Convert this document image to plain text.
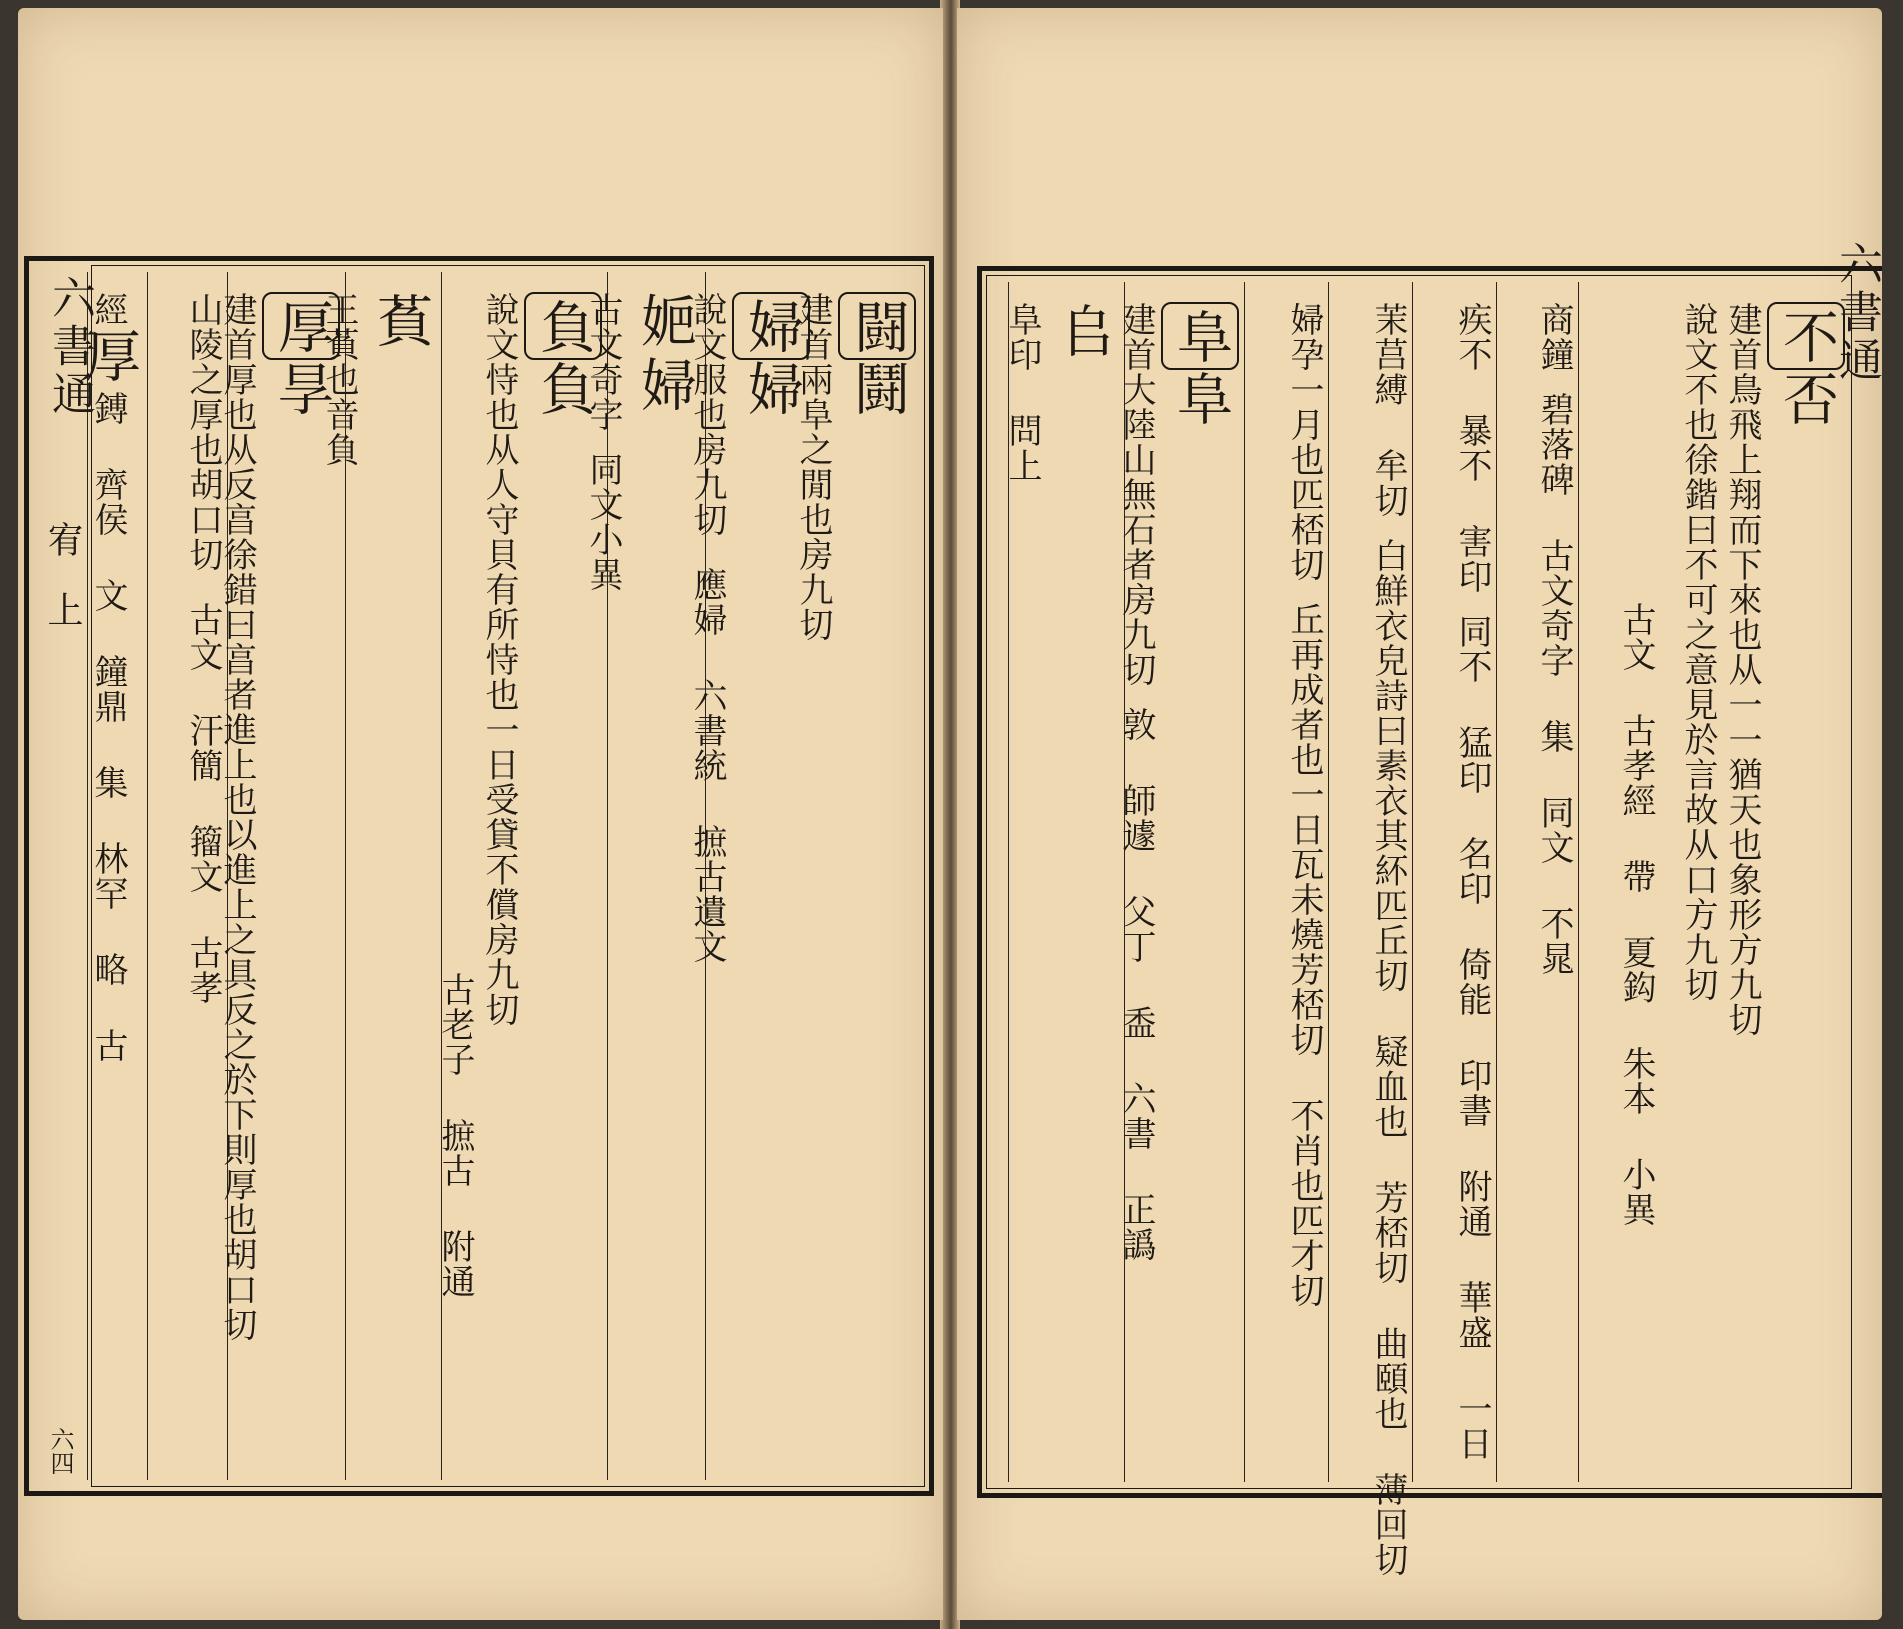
闘
鬪
建首兩阜之閒也房九切
婦
婦
說文服也房九切
應婦 六書統 摭古遺文
㛂
婦
古文奇字
同文小異
負
負
說文恃也从人守貝有所恃也一日受貸不償房九切
古老子 摭古 附通
萯
王萯也音負
厚
㫗
建首厚也从反亯徐錯曰亯者進上也以進上之具反之於下則厚也胡口切
山陵之厚也胡口切
古文 汗簡 籀文 古孝
經
厚
鎛 齊侯 文 鐘鼎 集 林罕 略 古
六書通
宥
上
六四
不
否
建首鳥飛上翔而下來也从一一猶天也象形方九切
說文不也徐鍇曰不可之意見於言故从口方九切
古文 古孝經 帶 夏鈎 朱本 小異
商鐘
碧落碑 古文奇字 集 同文 不晁
疾不 暴不 害印
同不 猛印 名印 倚能 印書 附通 華盛 一日
茉莒縛 牟切
白鮮衣皃詩曰素衣其紑匹丘切 疑血也 芳桮切 曲頤也 薄回切
婦孕一月也匹桮切
丘再成者也一日瓦未燒芳桮切 不肖也匹才切
阜
阜
建首大陸山無石者房九切
敦 師遽 父丁 盉 六書 正譌
𠂤
阜印 問上	六書通
